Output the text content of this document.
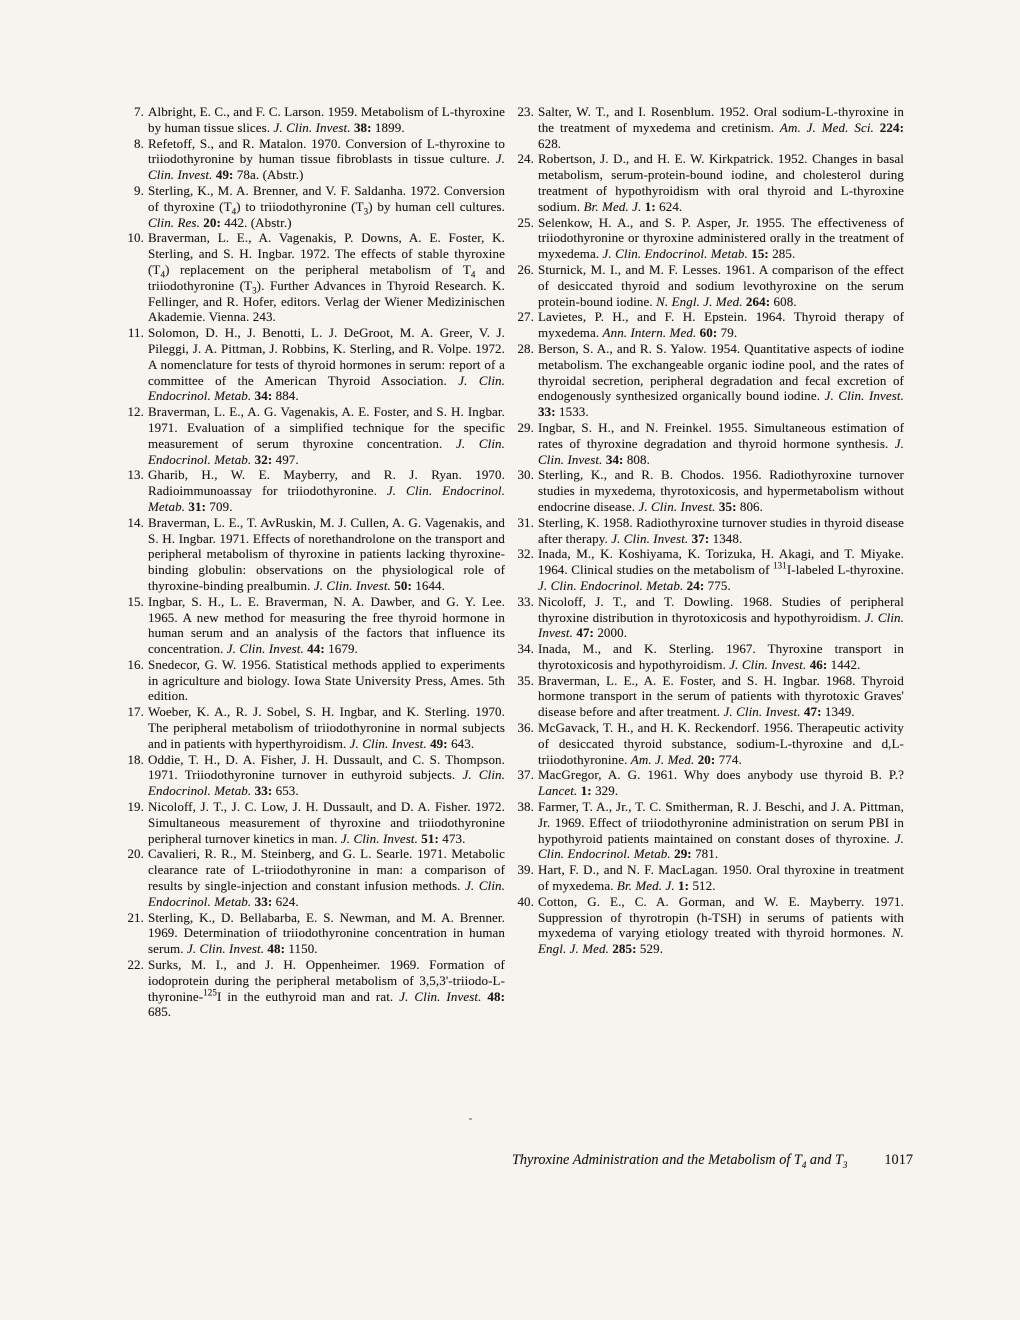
7. Albright, E. C., and F. C. Larson. 1959. Metabolism of L-thyroxine by human tissue slices. J. Clin. Invest. 38: 1899.
8. Refetoff, S., and R. Matalon. 1970. Conversion of L-thyroxine to triiodothyronine by human tissue fibroblasts in tissue culture. J. Clin. Invest. 49: 78a. (Abstr.)
9. Sterling, K., M. A. Brenner, and V. F. Saldanha. 1972. Conversion of thyroxine $(T_4)$ to triiodothyronine $(T_3)$ by human cell cultures. Clin. Res. 20: 442. (Abstr.)
10. Braverman, L. E., A. Vagenakis, P. Downs, A. E. Foster, K. Sterling, and S. H. Ingbar. 1972. The effects of stable thyroxine $(T_4)$ replacement on the peripheral metabolism of $T_4$ and triiodothyronine $(T_3)$. Further Advances in Thyroid Research. K. Fellinger, and R. Hofer, editors. Verlag der Wiener Medizinischen Akademie. Vienna. 243.
11. Solomon, D. H., J. Benotti, L. J. DeGroot, M. A. Greer, V. J. Pileggi, J. A. Pittman, J. Robbins, K. Sterling, and R. Volpe. 1972. A nomenclature for tests of thyroid hormones in serum: report of a committee of the American Thyroid Association. J. Clin. Endocrinol. Metab. 34: 884.
12. Braverman, L. E., A. G. Vagenakis, A. E. Foster, and S. H. Ingbar. 1971. Evaluation of a simplified technique for the specific measurement of serum thyroxine concentration. J. Clin. Endocrinol. Metab. 32: 497.
13. Gharib, H., W. E. Mayberry, and R. J. Ryan. 1970. Radioimmunoassay for triiodothyronine. J. Clin. Endocrinol. Metab. 31: 709.
14. Braverman, L. E., T. AvRuskin, M. J. Cullen, A. G. Vagenakis, and S. H. Ingbar. 1971. Effects of norethandrolone on the transport and peripheral metabolism of thyroxine in patients lacking thyroxine-binding globulin: observations on the physiological role of thyroxine-binding prealbumin. J. Clin. Invest. 50: 1644.
15. Ingbar, S. H., L. E. Braverman, N. A. Dawber, and G. Y. Lee. 1965. A new method for measuring the free thyroid hormone in human serum and an analysis of the factors that influence its concentration. J. Clin. Invest. 44: 1679.
16. Snedecor, G. W. 1956. Statistical methods applied to experiments in agriculture and biology. Iowa State University Press, Ames. 5th edition.
17. Woeber, K. A., R. J. Sobel, S. H. Ingbar, and K. Sterling. 1970. The peripheral metabolism of triiodothyronine in normal subjects and in patients with hyperthyroidism. J. Clin. Invest. 49: 643.
18. Oddie, T. H., D. A. Fisher, J. H. Dussault, and C. S. Thompson. 1971. Triiodothyronine turnover in euthyroid subjects. J. Clin. Endocrinol. Metab. 33: 653.
19. Nicoloff, J. T., J. C. Low, J. H. Dussault, and D. A. Fisher. 1972. Simultaneous measurement of thyroxine and triiodothyronine peripheral turnover kinetics in man. J. Clin. Invest. 51: 473.
20. Cavalieri, R. R., M. Steinberg, and G. L. Searle. 1971. Metabolic clearance rate of L-triiodothyronine in man: a comparison of results by single-injection and constant infusion methods. J. Clin. Endocrinol. Metab. 33: 624.
21. Sterling, K., D. Bellabarba, E. S. Newman, and M. A. Brenner. 1969. Determination of triiodothyronine concentration in human serum. J. Clin. Invest. 48: 1150.
22. Surks, M. I., and J. H. Oppenheimer. 1969. Formation of iodoprotein during the peripheral metabolism of 3,5,3'-triiodo-L-thyronine-$^{125}$I in the euthyroid man and rat. J. Clin. Invest. 48: 685.
23. Salter, W. T., and I. Rosenblum. 1952. Oral sodium-L-thyroxine in the treatment of myxedema and cretinism. Am. J. Med. Sci. 224: 628.
24. Robertson, J. D., and H. E. W. Kirkpatrick. 1952. Changes in basal metabolism, serum-protein-bound iodine, and cholesterol during treatment of hypothyroidism with oral thyroid and L-thyroxine sodium. Br. Med. J. 1: 624.
25. Selenkow, H. A., and S. P. Asper, Jr. 1955. The effectiveness of triiodothyronine or thyroxine administered orally in the treatment of myxedema. J. Clin. Endocrinol. Metab. 15: 285.
26. Sturnick, M. I., and M. F. Lesses. 1961. A comparison of the effect of desiccated thyroid and sodium levothyroxine on the serum protein-bound iodine. N. Engl. J. Med. 264: 608.
27. Lavietes, P. H., and F. H. Epstein. 1964. Thyroid therapy of myxedema. Ann. Intern. Med. 60: 79.
28. Berson, S. A., and R. S. Yalow. 1954. Quantitative aspects of iodine metabolism. The exchangeable organic iodine pool, and the rates of thyroidal secretion, peripheral degradation and fecal excretion of endogenously synthesized organically bound iodine. J. Clin. Invest. 33: 1533.
29. Ingbar, S. H., and N. Freinkel. 1955. Simultaneous estimation of rates of thyroxine degradation and thyroid hormone synthesis. J. Clin. Invest. 34: 808.
30. Sterling, K., and R. B. Chodos. 1956. Radiothyroxine turnover studies in myxedema, thyrotoxicosis, and hypermetabolism without endocrine disease. J. Clin. Invest. 35: 806.
31. Sterling, K. 1958. Radiothyroxine turnover studies in thyroid disease after therapy. J. Clin. Invest. 37: 1348.
32. Inada, M., K. Koshiyama, K. Torizuka, H. Akagi, and T. Miyake. 1964. Clinical studies on the metabolism of $^{131}$I-labeled L-thyroxine. J. Clin. Endocrinol. Metab. 24: 775.
33. Nicoloff, J. T., and T. Dowling. 1968. Studies of peripheral thyroxine distribution in thyrotoxicosis and hypothyroidism. J. Clin. Invest. 47: 2000.
34. Inada, M., and K. Sterling. 1967. Thyroxine transport in thyrotoxicosis and hypothyroidism. J. Clin. Invest. 46: 1442.
35. Braverman, L. E., A. E. Foster, and S. H. Ingbar. 1968. Thyroid hormone transport in the serum of patients with thyrotoxic Graves' disease before and after treatment. J. Clin. Invest. 47: 1349.
36. McGavack, T. H., and H. K. Reckendorf. 1956. Therapeutic activity of desiccated thyroid substance, sodium-L-thyroxine and d,L-triiodothyronine. Am. J. Med. 20: 774.
37. MacGregor, A. G. 1961. Why does anybody use thyroid B. P.? Lancet. 1: 329.
38. Farmer, T. A., Jr., T. C. Smitherman, R. J. Beschi, and J. A. Pittman, Jr. 1969. Effect of triiodothyronine administration on serum PBI in hypothyroid patients maintained on constant doses of thyroxine. J. Clin. Endocrinol. Metab. 29: 781.
39. Hart, F. D., and N. F. MacLagan. 1950. Oral thyroxine in treatment of myxedema. Br. Med. J. 1: 512.
40. Cotton, G. E., C. A. Gorman, and W. E. Mayberry. 1971. Suppression of thyrotropin (h-TSH) in serums of patients with myxedema of varying etiology treated with thyroid hormones. N. Engl. J. Med. 285: 529.
Thyroxine Administration and the Metabolism of $T_4$ and $T_3$	1017
